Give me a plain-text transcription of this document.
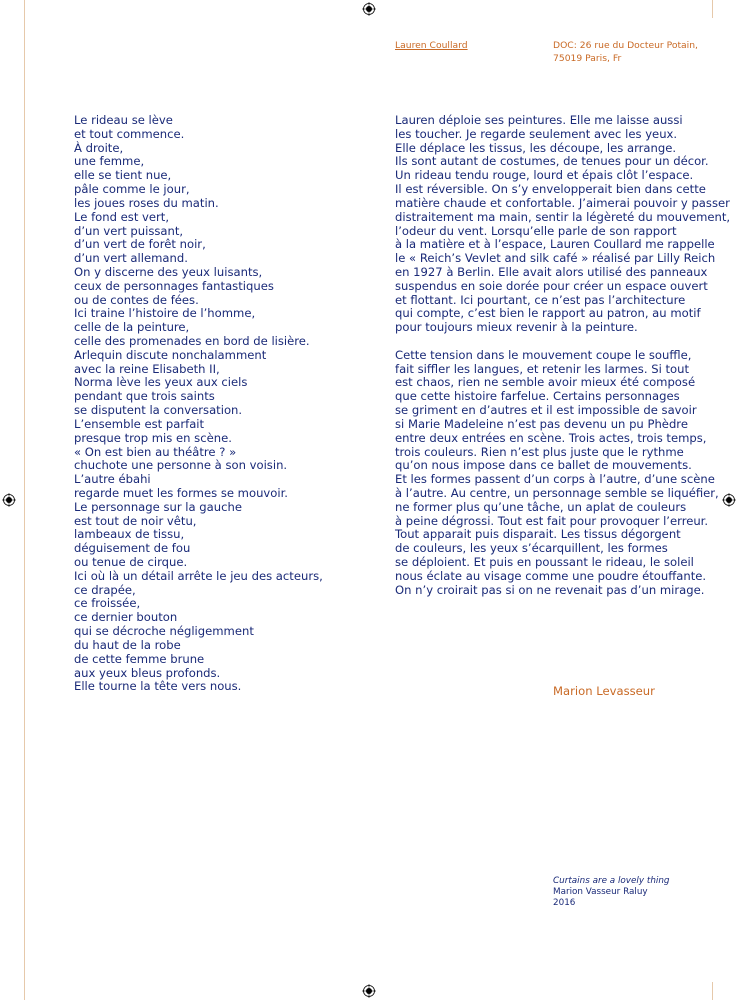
Lauren Coullard	DOC: 26 rue du Docteur Potain,
75019 Paris, Fr
Le rideau se lève
et tout commence.
À droite,
une femme,
elle se tient nue,
pâle comme le jour,
les joues roses du matin.
Le fond est vert,
d’un vert puissant,
d’un vert de forêt noir,
d’un vert allemand.
On y discerne des yeux luisants,
ceux de personnages fantastiques
ou de contes de fées.
Ici traine l’histoire de l’homme,
celle de la peinture,
celle des promenades en bord de lisière.
Arlequin discute nonchalamment
avec la reine Elisabeth II,
Norma lève les yeux aux ciels
pendant que trois saints
se disputent la conversation.
L’ensemble est parfait
presque trop mis en scène.
« On est bien au théâtre ? »
chuchote une personne à son voisin.
L’autre ébahi
regarde muet les formes se mouvoir.
Le personnage sur la gauche
est tout de noir vêtu,
lambeaux de tissu,
déguisement de fou
ou tenue de cirque.
Ici où là un détail arrête le jeu des acteurs,
ce drapée,
ce froissée,
ce dernier bouton
qui se décroche négligemment
du haut de la robe
de cette femme brune
aux yeux bleus profonds.
Elle tourne la tête vers nous.
Lauren déploie ses peintures. Elle me laisse aussi
les toucher. Je regarde seulement avec les yeux.
Elle déplace les tissus, les découpe, les arrange.
Ils sont autant de costumes, de tenues pour un décor.
Un rideau tendu rouge, lourd et épais clôt l’espace.
Il est réversible. On s’y envelopperait bien dans cette
matière chaude et confortable. J’aimerai pouvoir y passer
distraitement ma main, sentir la légèreté du mouvement,
l’odeur du vent. Lorsqu’elle parle de son rapport
à la matière et à l’espace, Lauren Coullard me rappelle
le « Reich’s Vevlet and silk café » réalisé par Lilly Reich
en 1927 à Berlin. Elle avait alors utilisé des panneaux
suspendus en soie dorée pour créer un espace ouvert
et flottant. Ici pourtant, ce n’est pas l’architecture
qui compte, c’est bien le rapport au patron, au motif
pour toujours mieux revenir à la peinture.
Cette tension dans le mouvement coupe le souffle,
fait siffler les langues, et retenir les larmes. Si tout
est chaos, rien ne semble avoir mieux été composé
que cette histoire farfelue. Certains personnages
se griment en d’autres et il est impossible de savoir
si Marie Madeleine n’est pas devenu un pu Phèdre
entre deux entrées en scène. Trois actes, trois temps,
trois couleurs. Rien n’est plus juste que le rythme
qu’on nous impose dans ce ballet de mouvements.
Et les formes passent d’un corps à l’autre, d’une scène
à l’autre. Au centre, un personnage semble se liquéfier,
ne former plus qu’une tâche, un aplat de couleurs
à peine dégrossi. Tout est fait pour provoquer l’erreur.
Tout apparait puis disparait. Les tissus dégorgent
de couleurs, les yeux s’écarquillent, les formes
se déploient. Et puis en poussant le rideau, le soleil
nous éclate au visage comme une poudre étouffante.
On n’y croirait pas si on ne revenait pas d’un mirage.
Marion Levasseur
Curtains are a lovely thing
Marion Vasseur Raluy
2016
